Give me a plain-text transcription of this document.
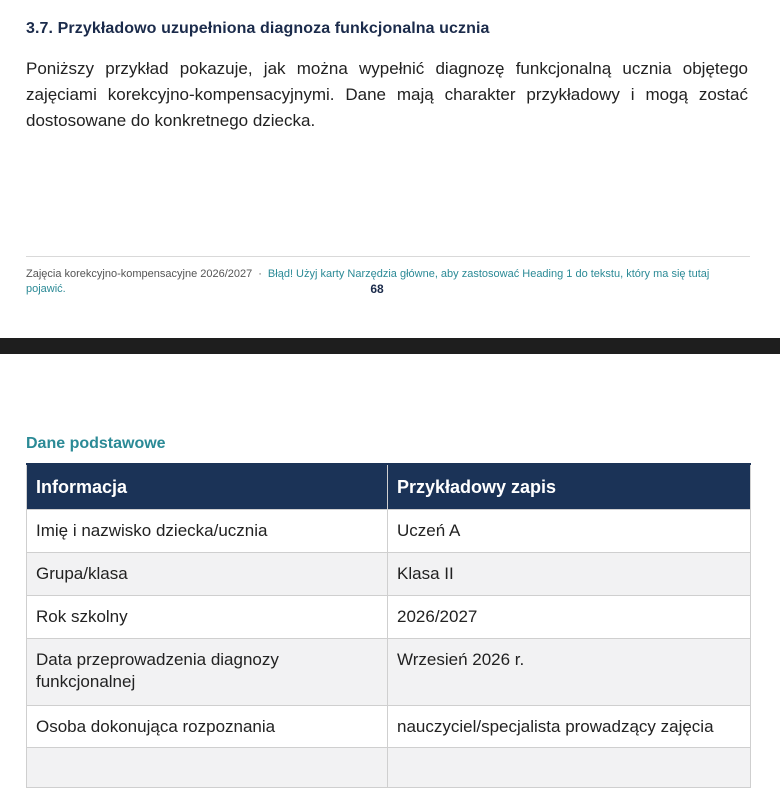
3.7. Przykładowo uzupełniona diagnoza funkcjonalna ucznia

Poniższy przykład pokazuje, jak można wypełnić diagnozę funkcjonalną ucznia objętego zajęciami korekcyjno-kompensacyjnymi. Dane mają charakter przykładowy i mogą zostać dostosowane do konkretnego dziecka.

Zajęcia korekcyjno-kompensacyjne 2026/2027 · Błąd! Użyj karty Narzędzia główne, aby zastosować Heading 1 do tekstu, który ma się tutaj pojawić.	68
Dane podstawowe
Informacja	Przykładowy zapis
Imię i nazwisko dziecka/ucznia	Uczeń A
Grupa/klasa	Klasa II
Rok szkolny	2026/2027
Data przeprowadzenia diagnozy funkcjonalnej	Wrzesień 2026 r.
Osoba dokonująca rozpoznania	nauczyciel/specjalista prowadzący zajęcia
